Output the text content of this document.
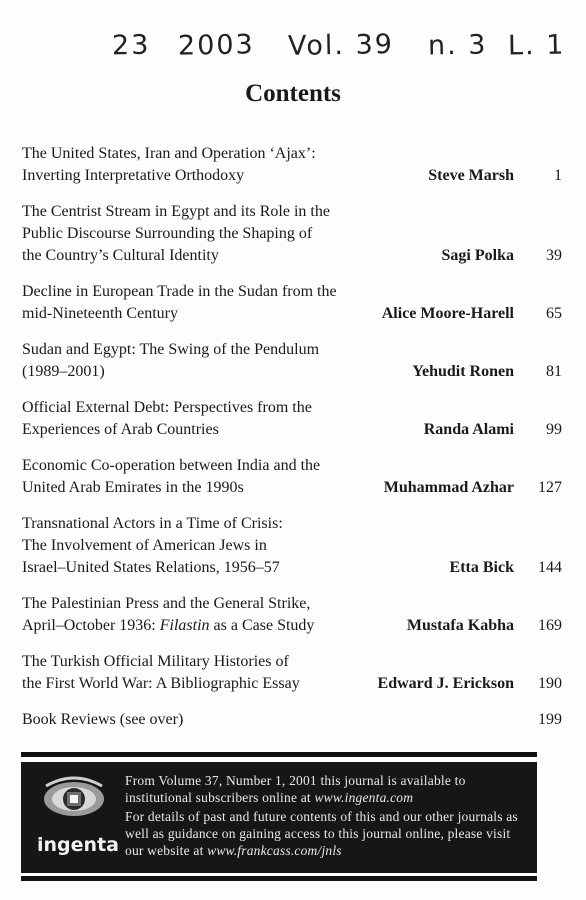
23 2003 Vol. 39 n. 3 L. 1
Contents
The United States, Iran and Operation ‘Ajax’:
Inverting Interpretative Orthodoxy	Steve Marsh	1
The Centrist Stream in Egypt and its Role in the
Public Discourse Surrounding the Shaping of
the Country’s Cultural Identity	Sagi Polka	39
Decline in European Trade in the Sudan from the
mid-Nineteenth Century	Alice Moore-Harell	65
Sudan and Egypt: The Swing of the Pendulum
(1989–2001)	Yehudit Ronen	81
Official External Debt: Perspectives from the
Experiences of Arab Countries	Randa Alami	99
Economic Co-operation between India and the
United Arab Emirates in the 1990s	Muhammad Azhar	127
Transnational Actors in a Time of Crisis:
The Involvement of American Jews in
Israel–United States Relations, 1956–57	Etta Bick	144
The Palestinian Press and the General Strike,
April–October 1936: Filastin as a Case Study	Mustafa Kabha	169
The Turkish Official Military Histories of
the First World War: A Bibliographic Essay	Edward J. Erickson	190
Book Reviews (see over)	199
ingenta

From Volume 37, Number 1, 2001 this journal is available to institutional subscribers online at www.ingenta.com

For details of past and future contents of this and our other journals as well as guidance on gaining access to this journal online, please visit our website at www.frankcass.com/jnls
